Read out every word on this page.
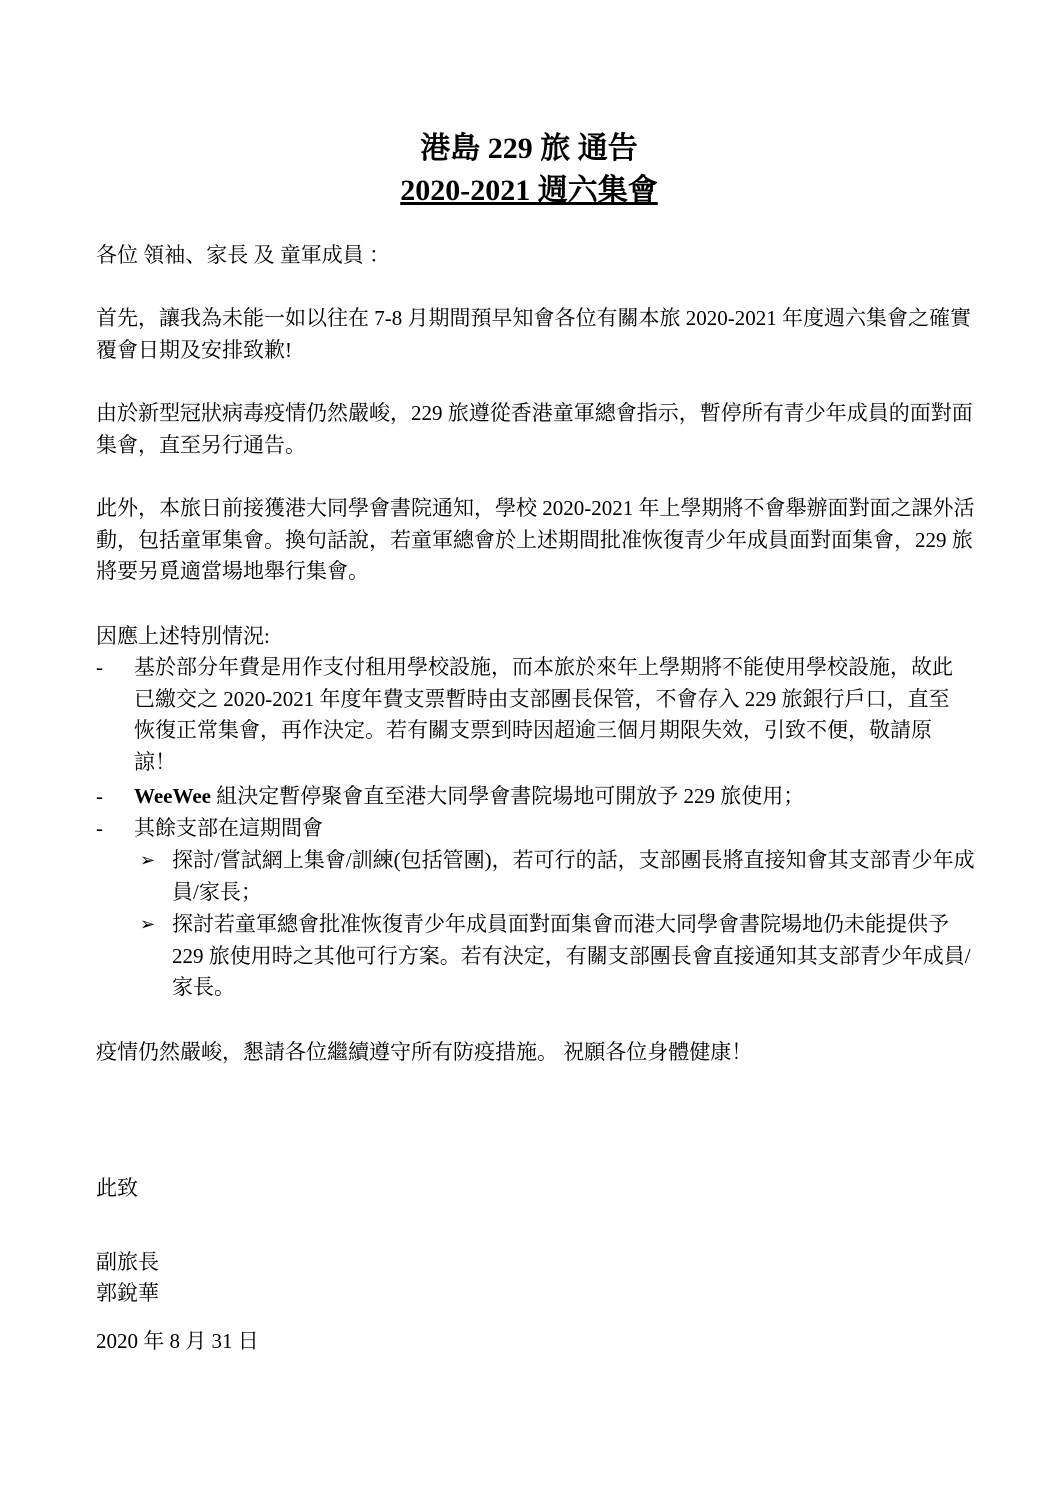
港島 229 旅 通告
2020-2021 週六集會
各位 領袖、家長 及 童軍成員 ：
首先，讓我為未能一如以往在 7-8 月期間預早知會各位有關本旅 2020-2021 年度週六集會之確實覆會日期及安排致歉!
由於新型冠狀病毒疫情仍然嚴峻，229 旅遵從香港童軍總會指示，暫停所有青少年成員的面對面集會，直至另行通告。
此外，本旅日前接獲港大同學會書院通知，學校 2020-2021 年上學期將不會舉辦面對面之課外活動，包括童軍集會。換句話說，若童軍總會於上述期間批准恢復青少年成員面對面集會，229 旅將要另覓適當場地舉行集會。
因應上述特別情況:
- 基於部分年費是用作支付租用學校設施，而本旅於來年上學期將不能使用學校設施，故此已繳交之 2020-2021 年度年費支票暫時由支部團長保管，不會存入 229 旅銀行戶口，直至恢復正常集會，再作決定。若有關支票到時因超逾三個月期限失效，引致不便，敬請原諒！
- WeeWee 組決定暫停聚會直至港大同學會書院場地可開放予 229 旅使用；
- 其餘支部在這期間會
➢ 探討/嘗試網上集會/訓練(包括管團)，若可行的話，支部團長將直接知會其支部青少年成員/家長；
➢ 探討若童軍總會批准恢復青少年成員面對面集會而港大同學會書院場地仍未能提供予 229 旅使用時之其他可行方案。若有決定，有關支部團長會直接通知其支部青少年成員/家長。
疫情仍然嚴峻，懇請各位繼續遵守所有防疫措施。 祝願各位身體健康！
此致
副旅長
郭銳華
2020 年 8 月 31 日
